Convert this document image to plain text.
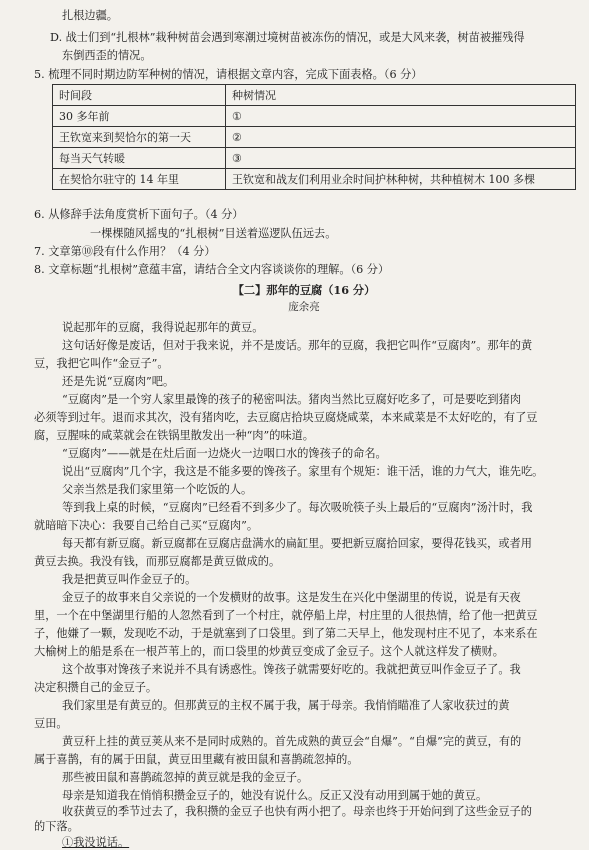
扎根边疆。
D. 战士们到“扎根林”栽种树苗会遇到寒潮过境树苗被冻伤的情况，或是大风来袭，树苗被摧残得
东倒西歪的情况。
5. 梳理不同时期边防军种树的情况，请根据文章内容，完成下面表格。（6 分）
时间段	种树情况
30 多年前	①
王钦宽来到契恰尔的第一天	②
每当天气转暖	③
在契恰尔驻守的 14 年里	王钦宽和战友们利用业余时间护林种树，共种植树木 100 多棵
6. 从修辞手法角度赏析下面句子。（4 分）
一棵棵随风摇曳的“扎根树”目送着巡逻队伍远去。
7. 文章第⑩段有什么作用？（4 分）
8. 文章标题“扎根树”意蕴丰富，请结合全文内容谈谈你的理解。（6 分）
【二】那年的豆腐（16 分）
庞余亮
说起那年的豆腐，我得说起那年的黄豆。
这句话好像是废话，但对于我来说，并不是废话。那年的豆腐，我把它叫作“豆腐肉”。那年的黄
豆，我把它叫作“金豆子”。
还是先说“豆腐肉”吧。
“豆腐肉”是一个穷人家里最馋的孩子的秘密叫法。猪肉当然比豆腐好吃多了，可是要吃到猪肉
必须等到过年。退而求其次，没有猪肉吃，去豆腐店拾块豆腐烧咸菜，本来咸菜是不太好吃的，有了豆
腐，豆腥味的咸菜就会在铁锅里散发出一种“肉”的味道。
“豆腐肉”——就是在灶后面一边烧火一边咽口水的馋孩子的命名。
说出“豆腐肉”几个字，我这是不能多要的馋孩子。家里有个规矩：谁干活，谁的力气大，谁先吃。
父亲当然是我们家里第一个吃饭的人。
等到我上桌的时候，“豆腐肉”已经看不到多少了。每次吸吮筷子头上最后的“豆腐肉”汤汁时，我
就暗暗下决心：我要自己给自己买“豆腐肉”。
每天都有新豆腐。新豆腐都在豆腐店盘满水的扁缸里。要把新豆腐拾回家，要得花钱买，或者用
黄豆去换。我没有钱，而那豆腐都是黄豆做成的。
我是把黄豆叫作金豆子的。
金豆子的故事来自父亲说的一个发横财的故事。这是发生在兴化中堡湖里的传说，说是有天夜
里，一个在中堡湖里行船的人忽然看到了一个村庄，就停船上岸，村庄里的人很热情，给了他一把黄豆
子，他嫌了一颗，发现吃不动，于是就塞到了口袋里。到了第二天早上，他发现村庄不见了，本来系在
大榆树上的船是系在一根芦苇上的，而口袋里的炒黄豆变成了金豆子。这个人就这样发了横财。
这个故事对馋孩子来说并不具有诱惑性。馋孩子就需要好吃的。我就把黄豆叫作金豆子了。我
决定积攒自己的金豆子。
我们家里是有黄豆的。但那黄豆的主权不属于我，属于母亲。我悄悄瞄准了人家收获过的黄
豆田。
黄豆秆上挂的黄豆荚从来不是同时成熟的。首先成熟的黄豆会“自爆”。“自爆”完的黄豆，有的
属于喜鹊，有的属于田鼠，黄豆田里藏有被田鼠和喜鹊疏忽掉的。
那些被田鼠和喜鹊疏忽掉的黄豆就是我的金豆子。
母亲是知道我在悄悄积攒金豆子的，她没有说什么。反正又没有动用到属于她的黄豆。
收获黄豆的季节过去了，我积攒的金豆子也快有两小把了。母亲也终于开始问到了这些金豆子的
的下落。
①我没说话。
